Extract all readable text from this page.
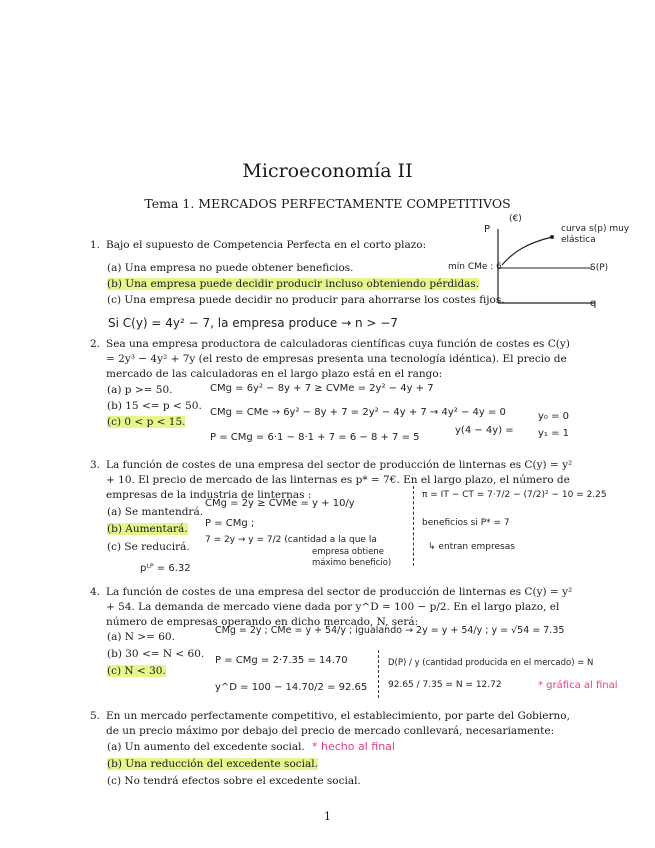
Microeconomía II
Tema 1. MERCADOS PERFECTAMENTE COMPETITIVOS
P
(€)
curva s(p) muy elástica
mín CMe : 6	S(P)
q
1. Bajo el supuesto de Competencia Perfecta en el corto plazo:
(a) Una empresa no puede obtener beneficios.
(b) Una empresa puede decidir producir incluso obteniendo pérdidas.
(c) Una empresa puede decidir no producir para ahorrarse los costes fijos.
Si C(y) = 4y² − 7, la empresa produce → n > −7
2. Sea una empresa productora de calculadoras científicas cuya función de costes es C(y) = 2y³ − 4y² + 7y (el resto de empresas presenta una tecnología idéntica). El precio de mercado de las calculadoras en el largo plazo está en el rango:
(a) p >= 50.
(b) 15 <= p < 50.
(c) 0 < p < 15.
CMg = 6y² − 8y + 7 ≥ CVMe = 2y² − 4y + 7
CMg = CMe → 6y² − 8y + 7 = 2y² − 4y + 7 → 4y² − 4y = 0
y(4 − 4y) =
y₀ = 0
y₁ = 1
P = CMg = 6·1 − 8·1 + 7 = 6 − 8 + 7 = 5
3. La función de costes de una empresa del sector de producción de linternas es C(y) = y² + 10. El precio de mercado de las linternas es p* = 7€. En el largo plazo, el número de empresas de la industria de linternas :
(a) Se mantendrá.
(b) Aumentará.
(c) Se reducirá.
CMg = 2y ≥ CVMe = y + 10/y
P = CMg ;
7 = 2y → y = 7/2 (cantidad a la que la
empresa obtiene
máximo beneficio)
pᴸᴾ = 6.32
π = IT − CT = 7·7/2 − (7/2)² − 10 = 2.25
beneficios si P* = 7
↳ entran empresas
4. La función de costes de una empresa del sector de producción de linternas es C(y) = y² + 54. La demanda de mercado viene dada por y^D = 100 − p/2. En el largo plazo, el número de empresas operando en dicho mercado, N, será:
(a) N >= 60.
(b) 30 <= N < 60.
(c) N < 30.
CMg = 2y ; CMe = y + 54/y ; igualando → 2y = y + 54/y ; y = √54 = 7.35
P = CMg = 2·7.35 = 14.70
y^D = 100 − 14.70/2 = 92.65
D(P) / y (cantidad producida en el mercado) = N
92.65 / 7.35 = N = 12.72	* gráfica al final
5. En un mercado perfectamente competitivo, el establecimiento, por parte del Gobierno, de un precio máximo por debajo del precio de mercado conllevará, necesariamente:
(a) Un aumento del excedente social.
(b) Una reducción del excedente social.
(c) No tendrá efectos sobre el excedente social.
* hecho al final
1
